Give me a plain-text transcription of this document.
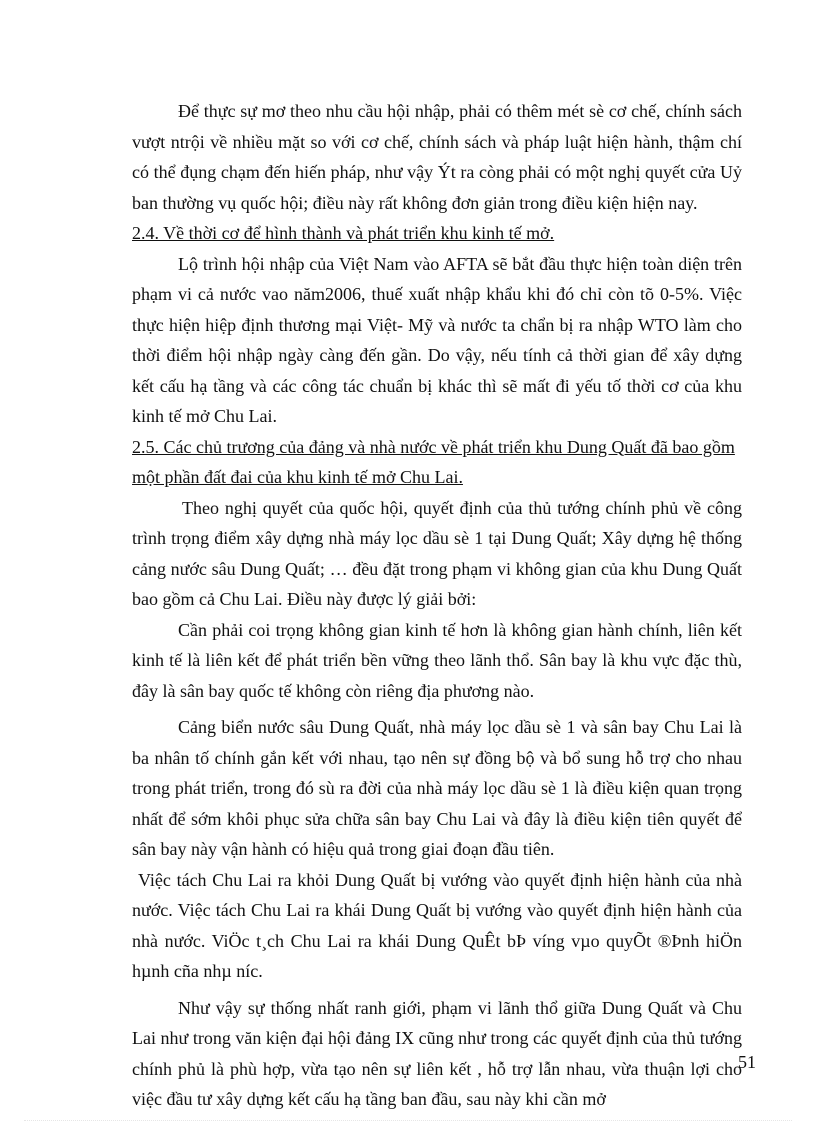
Để thực sự mơ theo nhu cầu hội nhập, phải có thêm mét sè cơ chế, chính sách vượt ntrội về nhiều mặt so với cơ chế, chính sách và pháp luật hiện hành, thậm chí có thể đụng chạm đến hiến pháp, như vậy Ýt ra còng phải có một nghị quyết cửa Uỷ ban thường vụ quốc hội; điều này rất không đơn giản trong điều kiện hiện nay.

2.4. Về thời cơ để hình thành và phát triển khu kinh tế mở.

Lộ trình hội nhập của Việt Nam vào AFTA sẽ bắt đầu thực hiện toàn diện trên phạm vi cả nước vao năm2006, thuế xuất nhập khẩu khi đó chỉ còn tõ 0-5%. Việc thực hiện hiệp định thương mại Việt- Mỹ và nước ta chẩn bị ra nhập WTO làm cho thời điểm hội nhập ngày càng đến gần. Do vậy, nếu tính cả thời gian để xây dựng kết cấu hạ tầng và các công tác chuẩn bị khác thì sẽ mất đi yếu tố thời cơ của khu kinh tế mở Chu Lai.

2.5. Các chủ trương của đảng và nhà nước về phát triển khu Dung Quất đã bao gồm một phần đất đai của khu kinh tế mở Chu Lai.

Theo nghị quyết của quốc hội, quyết định của thủ tướng chính phủ về công trình trọng điểm xây dựng nhà máy lọc dầu sè 1 tại Dung Quất; Xây dựng hệ thống cảng nước sâu Dung Quất; … đều đặt trong phạm vi không gian của khu Dung Quất bao gồm cả Chu Lai. Điều này được lý giải bởi:

Cần phải coi trọng không gian kinh tế hơn là không gian hành chính, liên kết kinh tế là liên kết để phát triển bền vững theo lãnh thổ. Sân bay là khu vực đặc thù, đây là sân bay quốc tế không còn riêng địa phương nào.

Cảng biển nước sâu Dung Quất, nhà máy lọc dầu sè 1 và sân bay Chu Lai là ba nhân tố chính gắn kết với nhau, tạo nên sự đồng bộ và bổ sung hỗ trợ cho nhau trong phát triển, trong đó sù ra đời của nhà máy lọc dầu sè 1 là điều kiện quan trọng nhất để sớm khôi phục sửa chữa sân bay Chu Lai và đây là điều kiện tiên quyết để sân bay này vận hành có hiệu quả trong giai đoạn đầu tiên.

Việc tách Chu Lai ra khỏi Dung Quất bị vướng vào quyết định hiện hành của nhà nước. Việc tách Chu Lai ra khái Dung Quất bị vướng vào quyết định hiện hành của nhà nước. ViÖc t¸ch Chu Lai ra khái Dung QuÊt bÞ víng vµo quyÕt ®Þnh hiÖn hµnh cña nhµ níc.

Như vậy sự thống nhất ranh giới, phạm vi lãnh thổ giữa Dung Quất và Chu Lai như trong văn kiện đại hội đảng IX cũng như trong các quyết định của thủ tướng chính phủ là phù hợp, vừa tạo nên sự liên kết , hỗ trợ lẫn nhau, vừa thuận lợi cho việc đầu tư xây dựng kết cấu hạ tầng ban đầu, sau này khi cần mở

51
